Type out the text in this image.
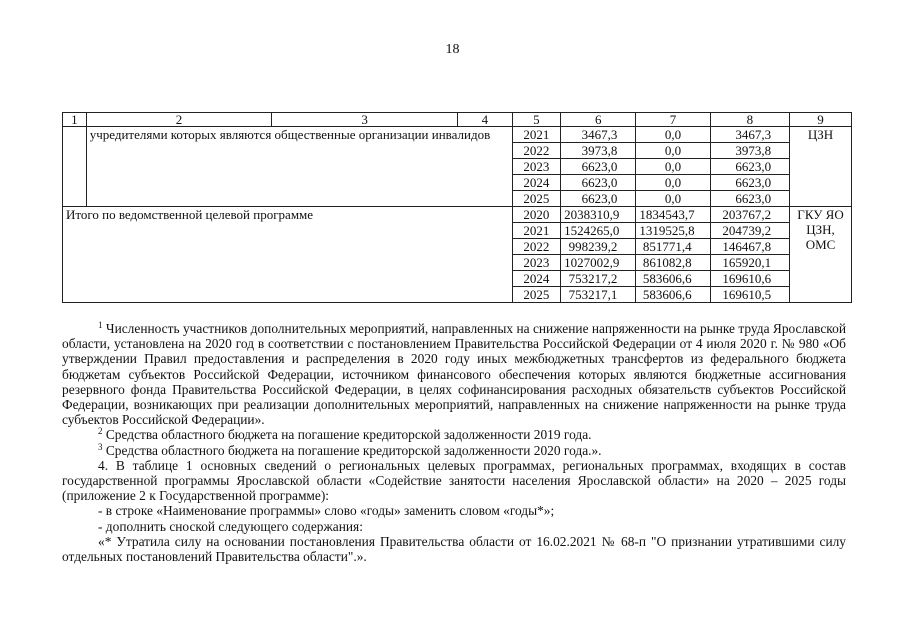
18
1	2	3	4	5	6	7	8	9
	учредителями которых являются общественные организации инвалидов			2021	3467,3	0,0	3467,3	ЦЗН
				2022	3973,8	0,0	3973,8	
				2023	6623,0	0,0	6623,0	
				2024	6623,0	0,0	6623,0	
				2025	6623,0	0,0	6623,0	
Итого по ведомственной целевой программе				2020	2038310,9	1834543,7	203767,2	ГКУ ЯО
ЦЗН,
ОМС

				2021	1524265,0	1319525,8	204739,2	
				2022	998239,2	851771,4	146467,8	
				2023	1027002,9	861082,8	165920,1	
				2024	753217,2	583606,6	169610,6	
				2025	753217,1	583606,6	169610,5	

$^1$ Численность участников дополнительных мероприятий, направленных на снижение напряженности на рынке труда Ярославской области, установлена на 2020 год в соответствии с постановлением Правительства Российской Федерации от 4 июля 2020 г. № 980 «Об утверждении Правил предоставления и распределения в 2020 году иных межбюджетных трансфертов из федерального бюджета бюджетам субъектов Российской Федерации, источником финансового обеспечения которых являются бюджетные ассигнования резервного фонда Правительства Российской Федерации, в целях софинансирования расходных обязательств субъектов Российской Федерации, возникающих при реализации дополнительных мероприятий, направленных на снижение напряженности на рынке труда субъектов Российской Федерации».

$^2$ Средства областного бюджета на погашение кредиторской задолженности 2019 года.

$^3$ Средства областного бюджета на погашение кредиторской задолженности 2020 года.».

4. В таблице 1 основных сведений о региональных целевых программах, региональных программах, входящих в состав государственной программы Ярославской области «Содействие занятости населения Ярославской области» на 2020 – 2025 годы (приложение 2 к Государственной программе):

- в строке «Наименование программы» слово «годы» заменить словом «годы*»;

- дополнить сноской следующего содержания:

«* Утратила силу на основании постановления Правительства области от 16.02.2021 № 68-п "О признании утратившими силу отдельных постановлений Правительства области".».
